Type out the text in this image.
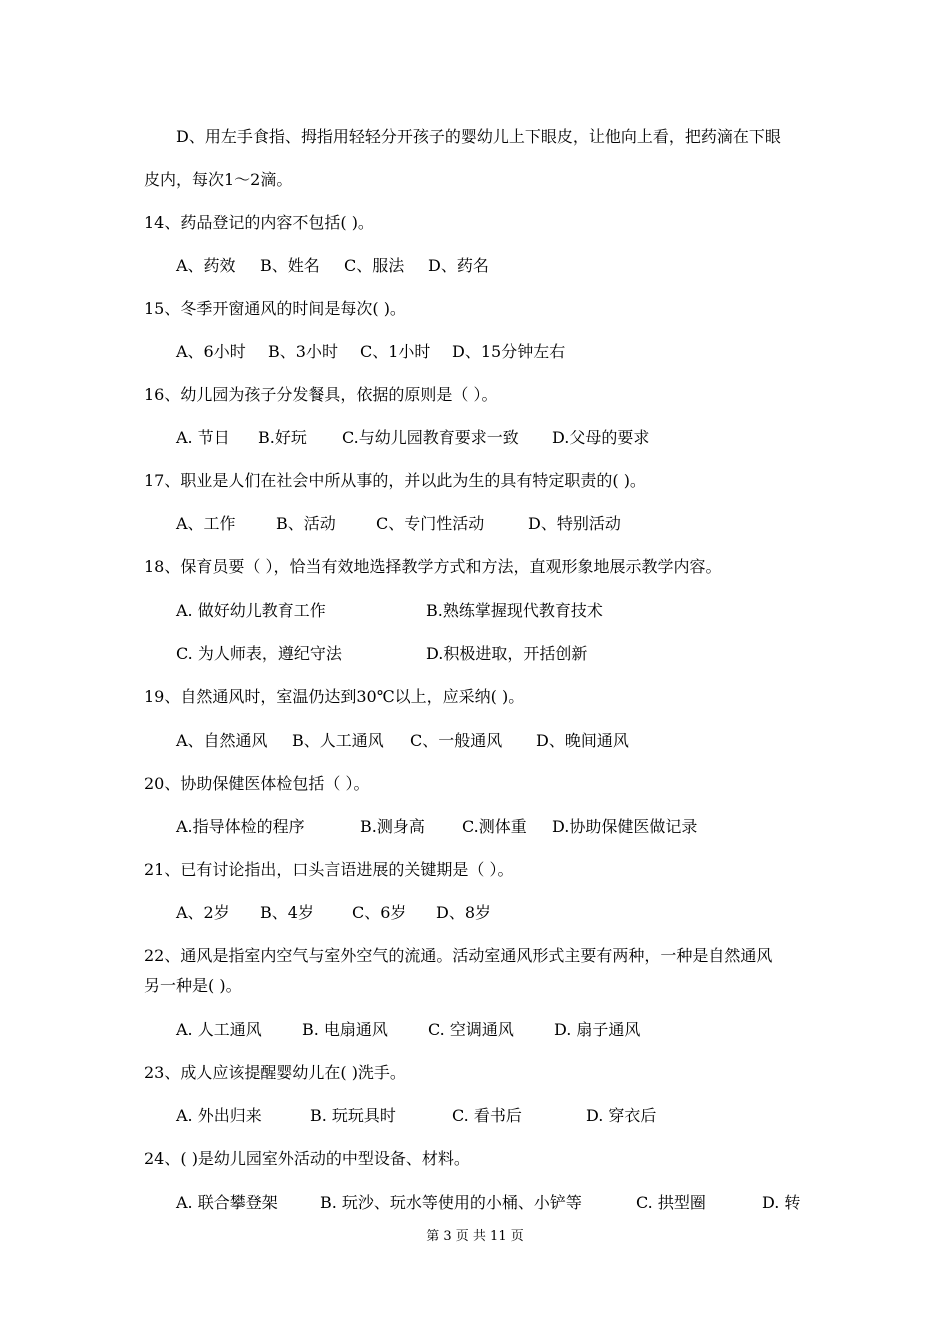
D、用左手食指、拇指用轻轻分开孩子的婴幼儿上下眼皮，让他向上看，把药滴在下眼
皮内，每次1～2滴。
14、药品登记的内容不包括( )。
A、药效 B、姓名 C、服法 D、药名
15、冬季开窗通风的时间是每次( )。
A、6小时 B、3小时 C、1小时 D、15分钟左右
16、幼儿园为孩子分发餐具，依据的原则是（ ）。
A. 节日 B.好玩 C.与幼儿园教育要求一致 D.父母的要求
17、职业是人们在社会中所从事的，并以此为生的具有特定职责的( )。
A、工作	B、活动	C、专门性活动	D、特别活动
18、保育员要（ ），恰当有效地选择教学方式和方法，直观形象地展示教学内容。
A. 做好幼儿教育工作	B.熟练掌握现代教育技术
C. 为人师表，遵纪守法	D.积极进取，开括创新
19、自然通风时，室温仍达到30℃以上，应采纳( )。
A、自然通风 B、人工通风 C、一般通风 D、晚间通风
20、协助保健医体检包括（ ）。
A.指导体检的程序	B.测身高 C.测体重 D.协助保健医做记录
21、已有讨论指出，口头言语进展的关键期是（ ）。
A、2岁 B、4岁 C、6岁 D、8岁
22、通风是指室内空气与室外空气的流通。活动室通风形式主要有两种，一种是自然通风
另一种是( )。
A. 人工通风	B. 电扇通风	C. 空调通风	D. 扇子通风
23、成人应该提醒婴幼儿在( )洗手。
A. 外出归来	B. 玩玩具时	C. 看书后	D. 穿衣后
24、( )是幼儿园室外活动的中型设备、材料。
A. 联合攀登架	B. 玩沙、玩水等使用的小桶、小铲等	C. 拱型圈	D. 转
第 3 页 共 11 页
